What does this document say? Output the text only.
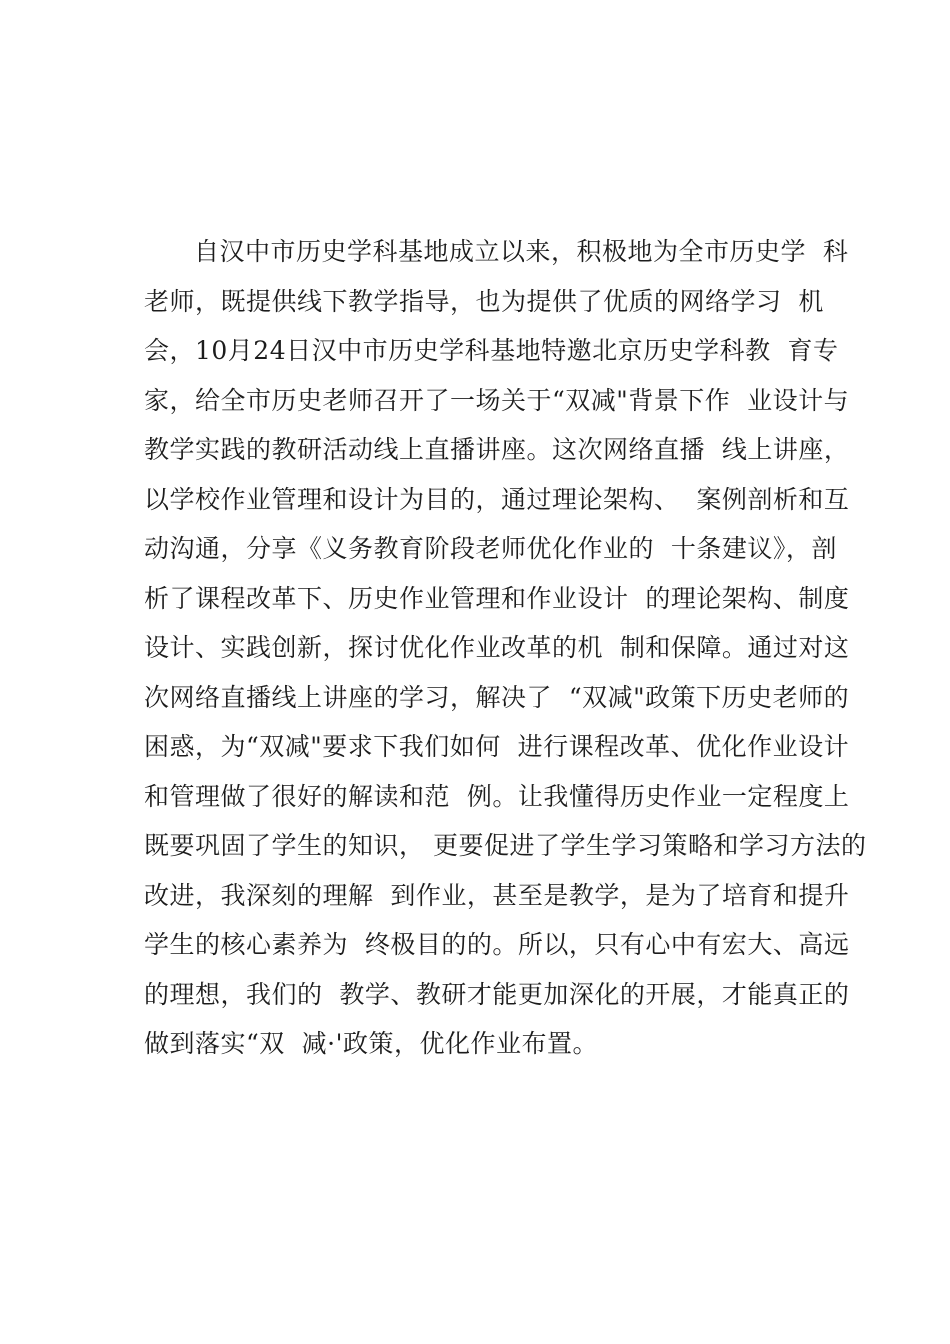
自汉中市历史学科基地成立以来，积极地为全市历史学  科
老师，既提供线下教学指导，也为提供了优质的网络学习  机
会，10月24日汉中市历史学科基地特邀北京历史学科教  育专
家，给全市历史老师召开了一场关于“双减"背景下作  业设计与
教学实践的教研活动线上直播讲座。这次网络直播  线上讲座，
以学校作业管理和设计为目的，通过理论架构、  案例剖析和互
动沟通，分享《义务教育阶段老师优化作业的  十条建议》，剖
析了课程改革下、历史作业管理和作业设计  的理论架构、制度
设计、实践创新，探讨优化作业改革的机  制和保障。通过对这
次网络直播线上讲座的学习，解决了  “双减"政策下历史老师的
困惑，为“双减"要求下我们如何  进行课程改革、优化作业设计
和管理做了很好的解读和范  例。让我懂得历史作业一定程度上
既要巩固了学生的知识， 更要促进了学生学习策略和学习方法的
改进，我深刻的理解  到作业，甚至是教学，是为了培育和提升
学生的核心素养为  终极目的的。所以，只有心中有宏大、高远
的理想，我们的  教学、教研才能更加深化的开展，才能真正的
做到落实“双  减·'政策，优化作业布置。
